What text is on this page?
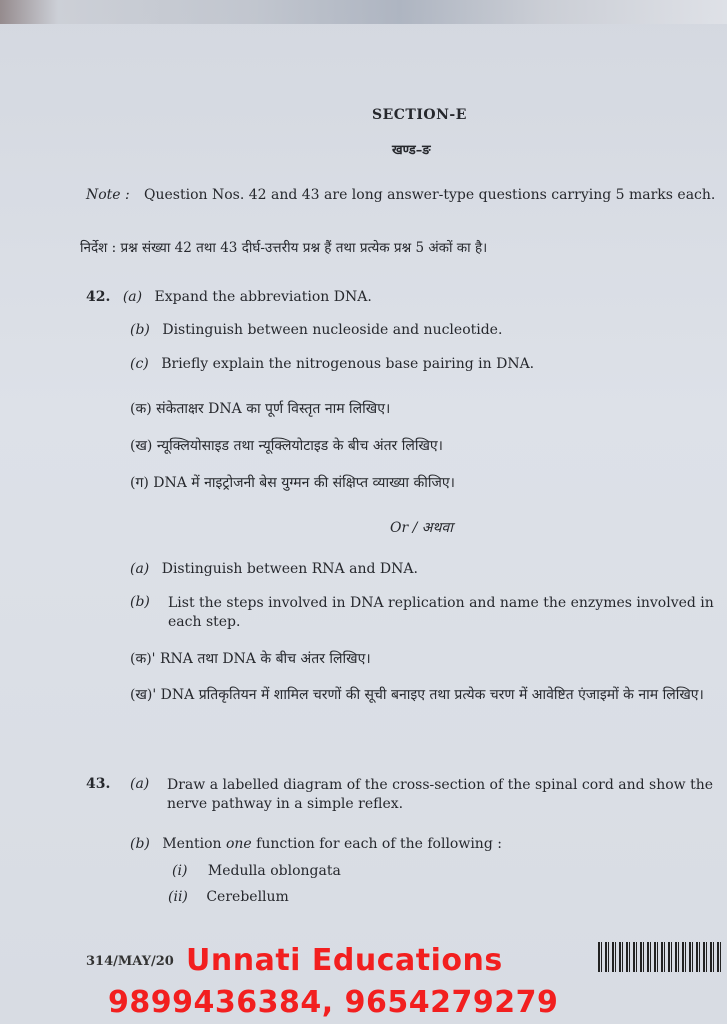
SECTION-E
खण्ड–ङ
Note : Question Nos. 42 and 43 are long answer-type questions carrying 5 marks each.
निर्देश : प्रश्न संख्या 42 तथा 43 दीर्घ-उत्तरीय प्रश्न हैं तथा प्रत्येक प्रश्न 5 अंकों का है।
42. (a) Expand the abbreviation DNA.
(b) Distinguish between nucleoside and nucleotide.
(c) Briefly explain the nitrogenous base pairing in DNA.
(क) संकेताक्षर DNA का पूर्ण विस्तृत नाम लिखिए।
(ख) न्यूक्लियोसाइड तथा न्यूक्लियोटाइड के बीच अंतर लिखिए।
(ग) DNA में नाइट्रोजनी बेस युग्मन की संक्षिप्त व्याख्या कीजिए।
Or / अथवा
(a) Distinguish between RNA and DNA.
(b) List the steps involved in DNA replication and name the enzymes involved in each step.
(क)' RNA तथा DNA के बीच अंतर लिखिए।
(ख)' DNA प्रतिकृतियन में शामिल चरणों की सूची बनाइए तथा प्रत्येक चरण में आवेष्टित एंजाइमों के नाम लिखिए।
43. (a) Draw a labelled diagram of the cross-section of the spinal cord and show the nerve pathway in a simple reflex.
(b) Mention one function for each of the following :
(i) Medulla oblongata
(ii) Cerebellum
314/MAY/20 Unnati Educations
9899436384, 9654279279
